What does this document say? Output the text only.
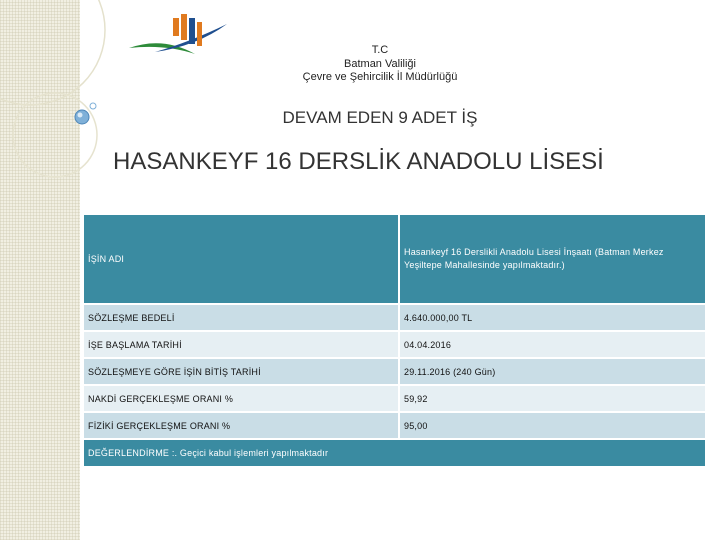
T.C
Batman Valiliği
Çevre ve Şehircilik İl Müdürlüğü
DEVAM EDEN 9 ADET İŞ
HASANKEYF 16 DERSLİK ANADOLU LİSESİ
İŞİN ADI	Hasankeyf 16 Derslikli Anadolu Lisesi İnşaatı (Batman Merkez Yeşiltepe Mahallesinde yapılmaktadır.)
SÖZLEŞME BEDELİ	4.640.000,00 TL
İŞE BAŞLAMA TARİHİ	04.04.2016
SÖZLEŞMEYE GÖRE İŞİN BİTİŞ TARİHİ	29.11.2016 (240 Gün)
NAKDİ GERÇEKLEŞME ORANI %	59,92
FİZİKİ GERÇEKLEŞME ORANI %	95,00
DEĞERLENDİRME :. Geçici kabul işlemleri yapılmaktadır	
